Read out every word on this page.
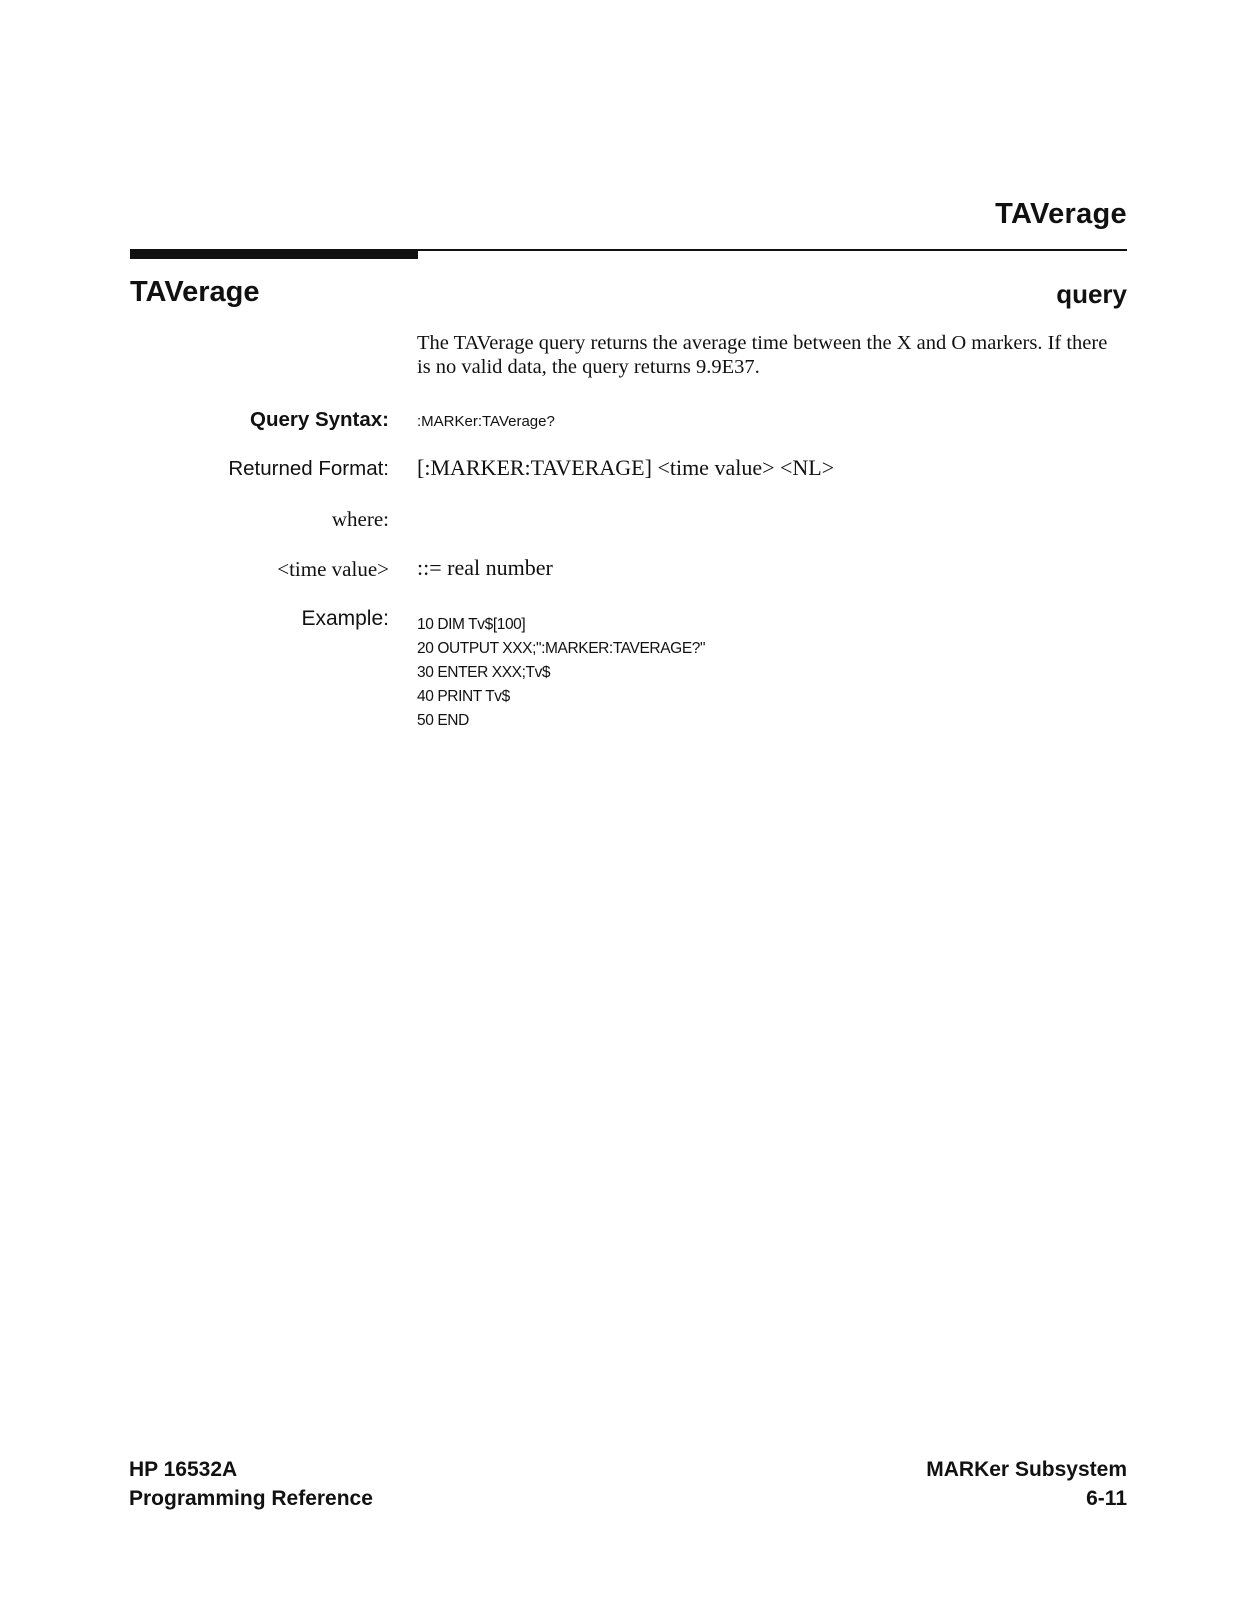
TAVerage
TAVerage	query
The TAVerage query returns the average time between the X and O markers. If there is no valid data, the query returns 9.9E37.
Query Syntax: :MARKer:TAVerage?
Returned Format: [:MARKER:TAVERAGE] <time value> <NL>
where:
<time value> ::= real number
Example: 10 DIM Tv$[100]
20 OUTPUT XXX;":MARKER:TAVERAGE?"
30 ENTER XXX;Tv$
40 PRINT Tv$
50 END
HP 16532A
Programming Reference
MARKer Subsystem
6-11
